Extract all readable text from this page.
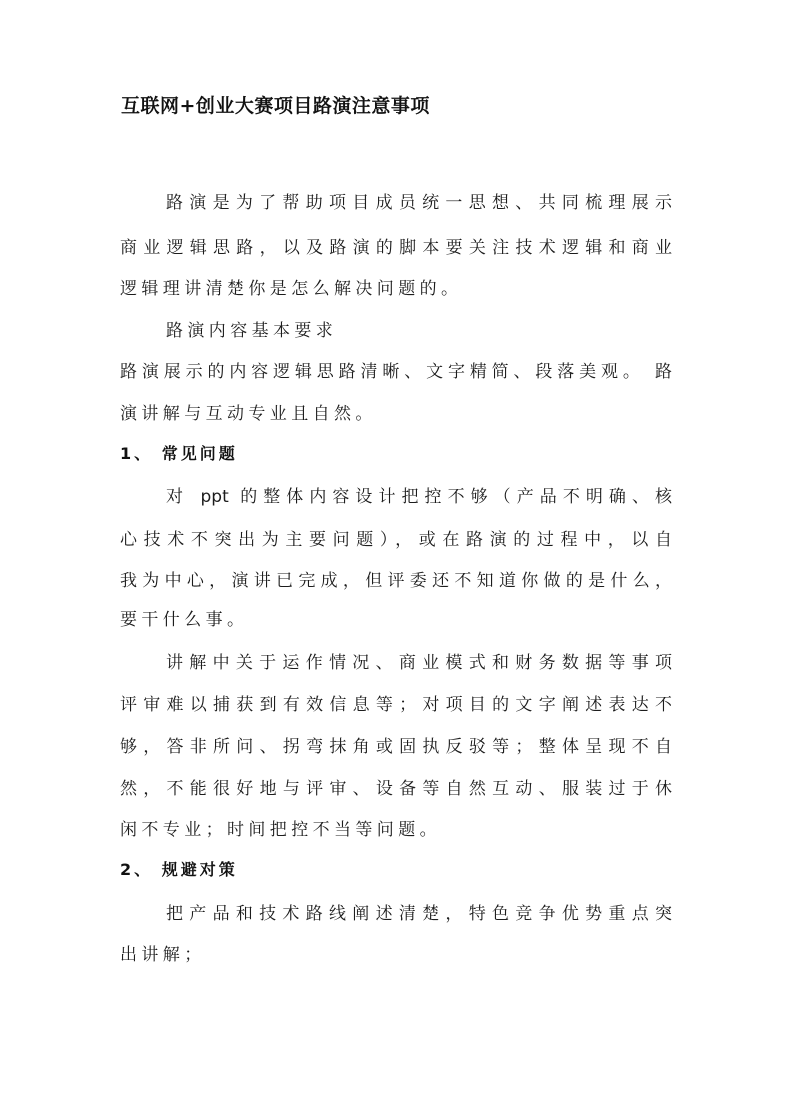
互联网+创业大赛项目路演注意事项
路演是为了帮助项目成员统一思想、共同梳理展示
商业逻辑思路，以及路演的脚本要关注技术逻辑和商业
逻辑理讲清楚你是怎么解决问题的。
路演内容基本要求
路演展示的内容逻辑思路清晰、文字精简、段落美观。 路
演讲解与互动专业且自然。
1、 常见问题
对 ppt 的整体内容设计把控不够（产品不明确、核
心技术不突出为主要问题），或在路演的过程中，以自
我为中心，演讲已完成，但评委还不知道你做的是什么，
要干什么事。
讲解中关于运作情况、商业模式和财务数据等事项
评审难以捕获到有效信息等；对项目的文字阐述表达不
够，答非所问、拐弯抹角或固执反驳等；整体呈现不自
然，不能很好地与评审、设备等自然互动、服装过于休
闲不专业；时间把控不当等问题。
2、 规避对策
把产品和技术路线阐述清楚，特色竞争优势重点突
出讲解；
